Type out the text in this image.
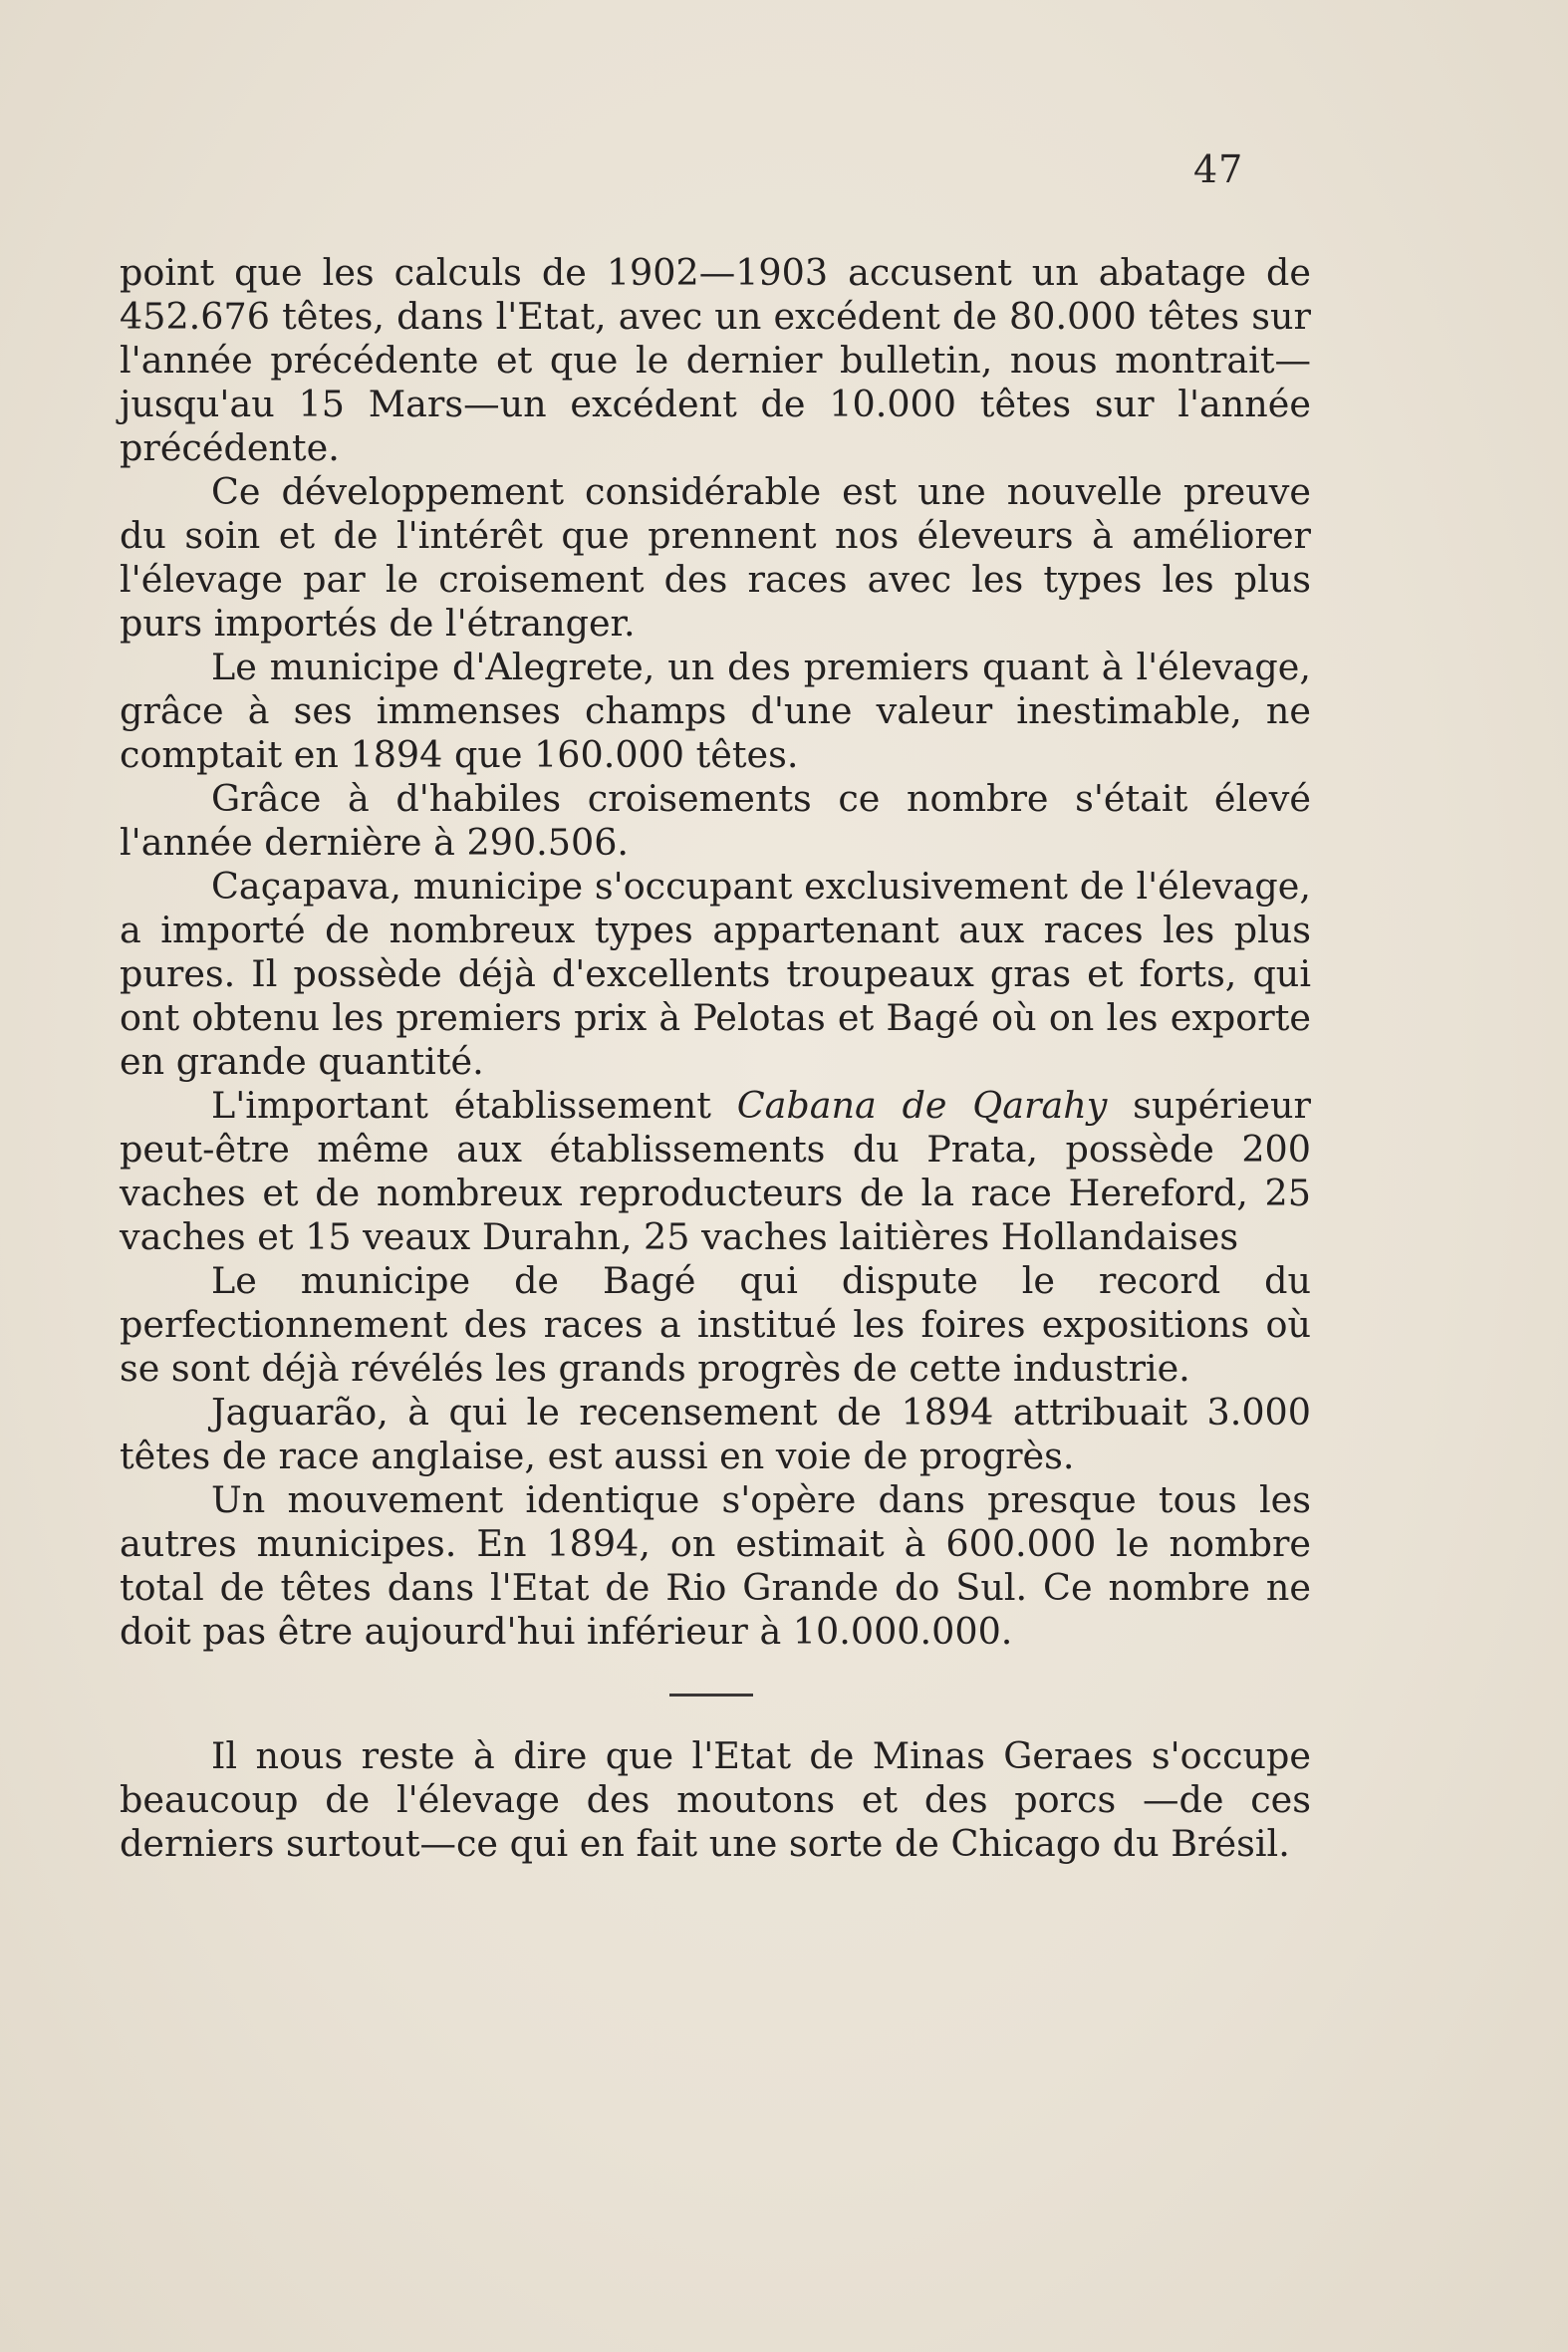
47

point que les calculs de 1902—1903 accusent un abatage de 452.676 têtes, dans l'Etat, avec un excédent de 80.000 têtes sur l'année précédente et que le dernier bulletin, nous montrait—jusqu'au 15 Mars—un excédent de 10.000 têtes sur l'année précédente.

Ce développement considérable est une nouvelle preuve du soin et de l'intérêt que prennent nos éleveurs à améliorer l'élevage par le croisement des races avec les types les plus purs importés de l'étranger.

Le municipe d'Alegrete, un des premiers quant à l'élevage, grâce à ses immenses champs d'une valeur inestimable, ne comptait en 1894 que 160.000 têtes.

Grâce à d'habiles croisements ce nombre s'était élevé l'année dernière à 290.506.

Caçapava, municipe s'occupant exclusivement de l'élevage, a importé de nombreux types appartenant aux races les plus pures. Il possède déjà d'excellents troupeaux gras et forts, qui ont obtenu les premiers prix à Pelotas et Bagé où on les exporte en grande quantité.

L'important établissement Cabana de Qarahy supérieur peut-être même aux établissements du Prata, possède 200 vaches et de nombreux reproducteurs de la race Hereford, 25 vaches et 15 veaux Durahn, 25 vaches laitières Hollandaises

Le municipe de Bagé qui dispute le record du perfectionnement des races a institué les foires expositions où se sont déjà révélés les grands progrès de cette industrie.

Jaguarão, à qui le recensement de 1894 attribuait 3.000 têtes de race anglaise, est aussi en voie de progrès.

Un mouvement identique s'opère dans presque tous les autres municipes. En 1894, on estimait à 600.000 le nombre total de têtes dans l'Etat de Rio Grande do Sul. Ce nombre ne doit pas être aujourd'hui inférieur à 10.000.000.

Il nous reste à dire que l'Etat de Minas Geraes s'occupe beaucoup de l'élevage des moutons et des porcs —de ces derniers surtout—ce qui en fait une sorte de Chicago du Brésil.
